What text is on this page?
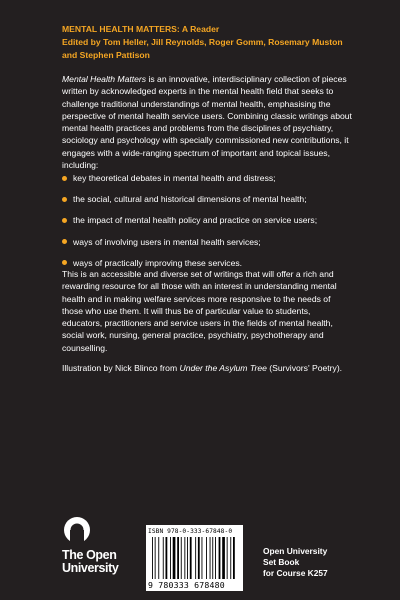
MENTAL HEALTH MATTERS: A Reader
Edited by Tom Heller, Jill Reynolds, Roger Gomm, Rosemary Muston
and Stephen Pattison
Mental Health Matters is an innovative, interdisciplinary collection of pieces written by acknowledged experts in the mental health field that seeks to challenge traditional understandings of mental health, emphasising the perspective of mental health service users. Combining classic writings about mental health practices and problems from the disciplines of psychiatry, sociology and psychology with specially commissioned new contributions, it engages with a wide-ranging spectrum of important and topical issues, including:
key theoretical debates in mental health and distress;
the social, cultural and historical dimensions of mental health;
the impact of mental health policy and practice on service users;
ways of involving users in mental health services;
ways of practically improving these services.
This is an accessible and diverse set of writings that will offer a rich and rewarding resource for all those with an interest in understanding mental health and in making welfare services more responsive to the needs of those who use them. It will thus be of particular value to students, educators, practitioners and service users in the fields of mental health, social work, nursing, general practice, psychiatry, psychotherapy and counselling.
Illustration by Nick Blinco from Under the Asylum Tree (Survivors' Poetry).
The Open
University
ISBN 978-0-333-67848-0
9 780333 678480
Open University
Set Book
for Course K257
